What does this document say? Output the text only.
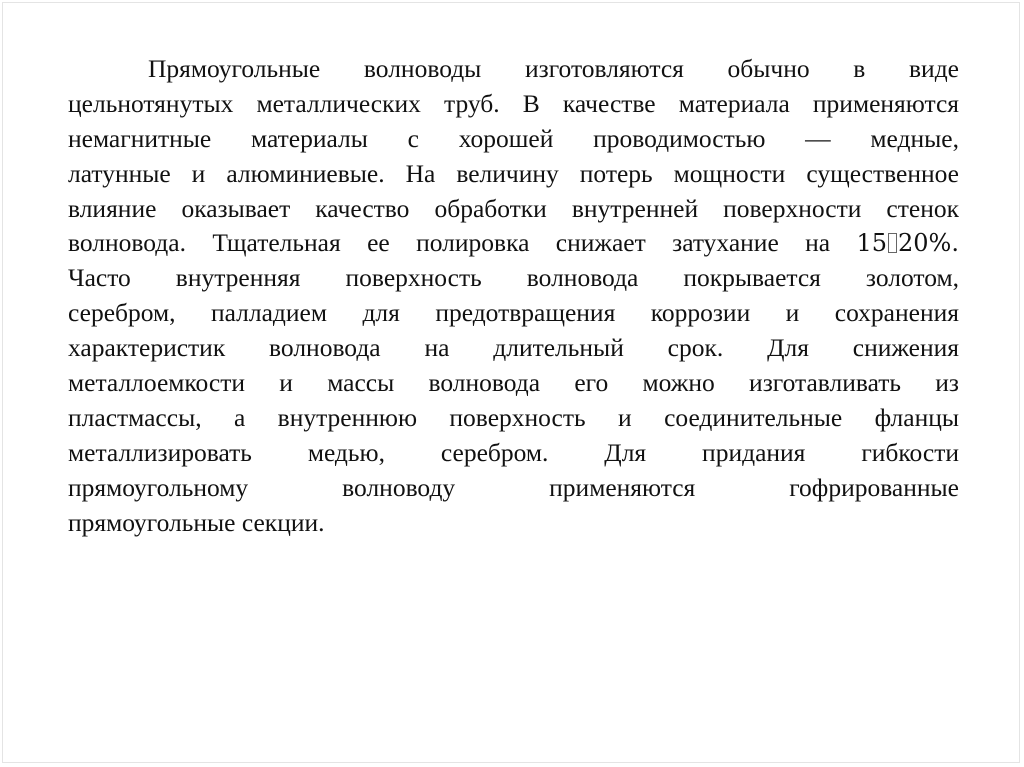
Прямоугольные волноводы изготовляются обычно в виде
цельнотянутых металлических труб. В качестве материала применяются
немагнитные материалы с хорошей проводимостью — медные,
латунные и алюминиевые. На величину потерь мощности существенное
влияние оказывает качество обработки внутренней поверхности стенок
волновода. Тщательная ее полировка снижает затухание на 15 20%.
Часто внутренняя поверхность волновода покрывается золотом,
серебром, палладием для предотвращения коррозии и сохранения
характеристик волновода на длительный срок. Для снижения
металлоемкости и массы волновода его можно изготавливать из
пластмассы, а внутреннюю поверхность и соединительные фланцы
металлизировать медью, серебром. Для придания гибкости
прямоугольному волноводу применяются гофрированные
прямоугольные секции.
